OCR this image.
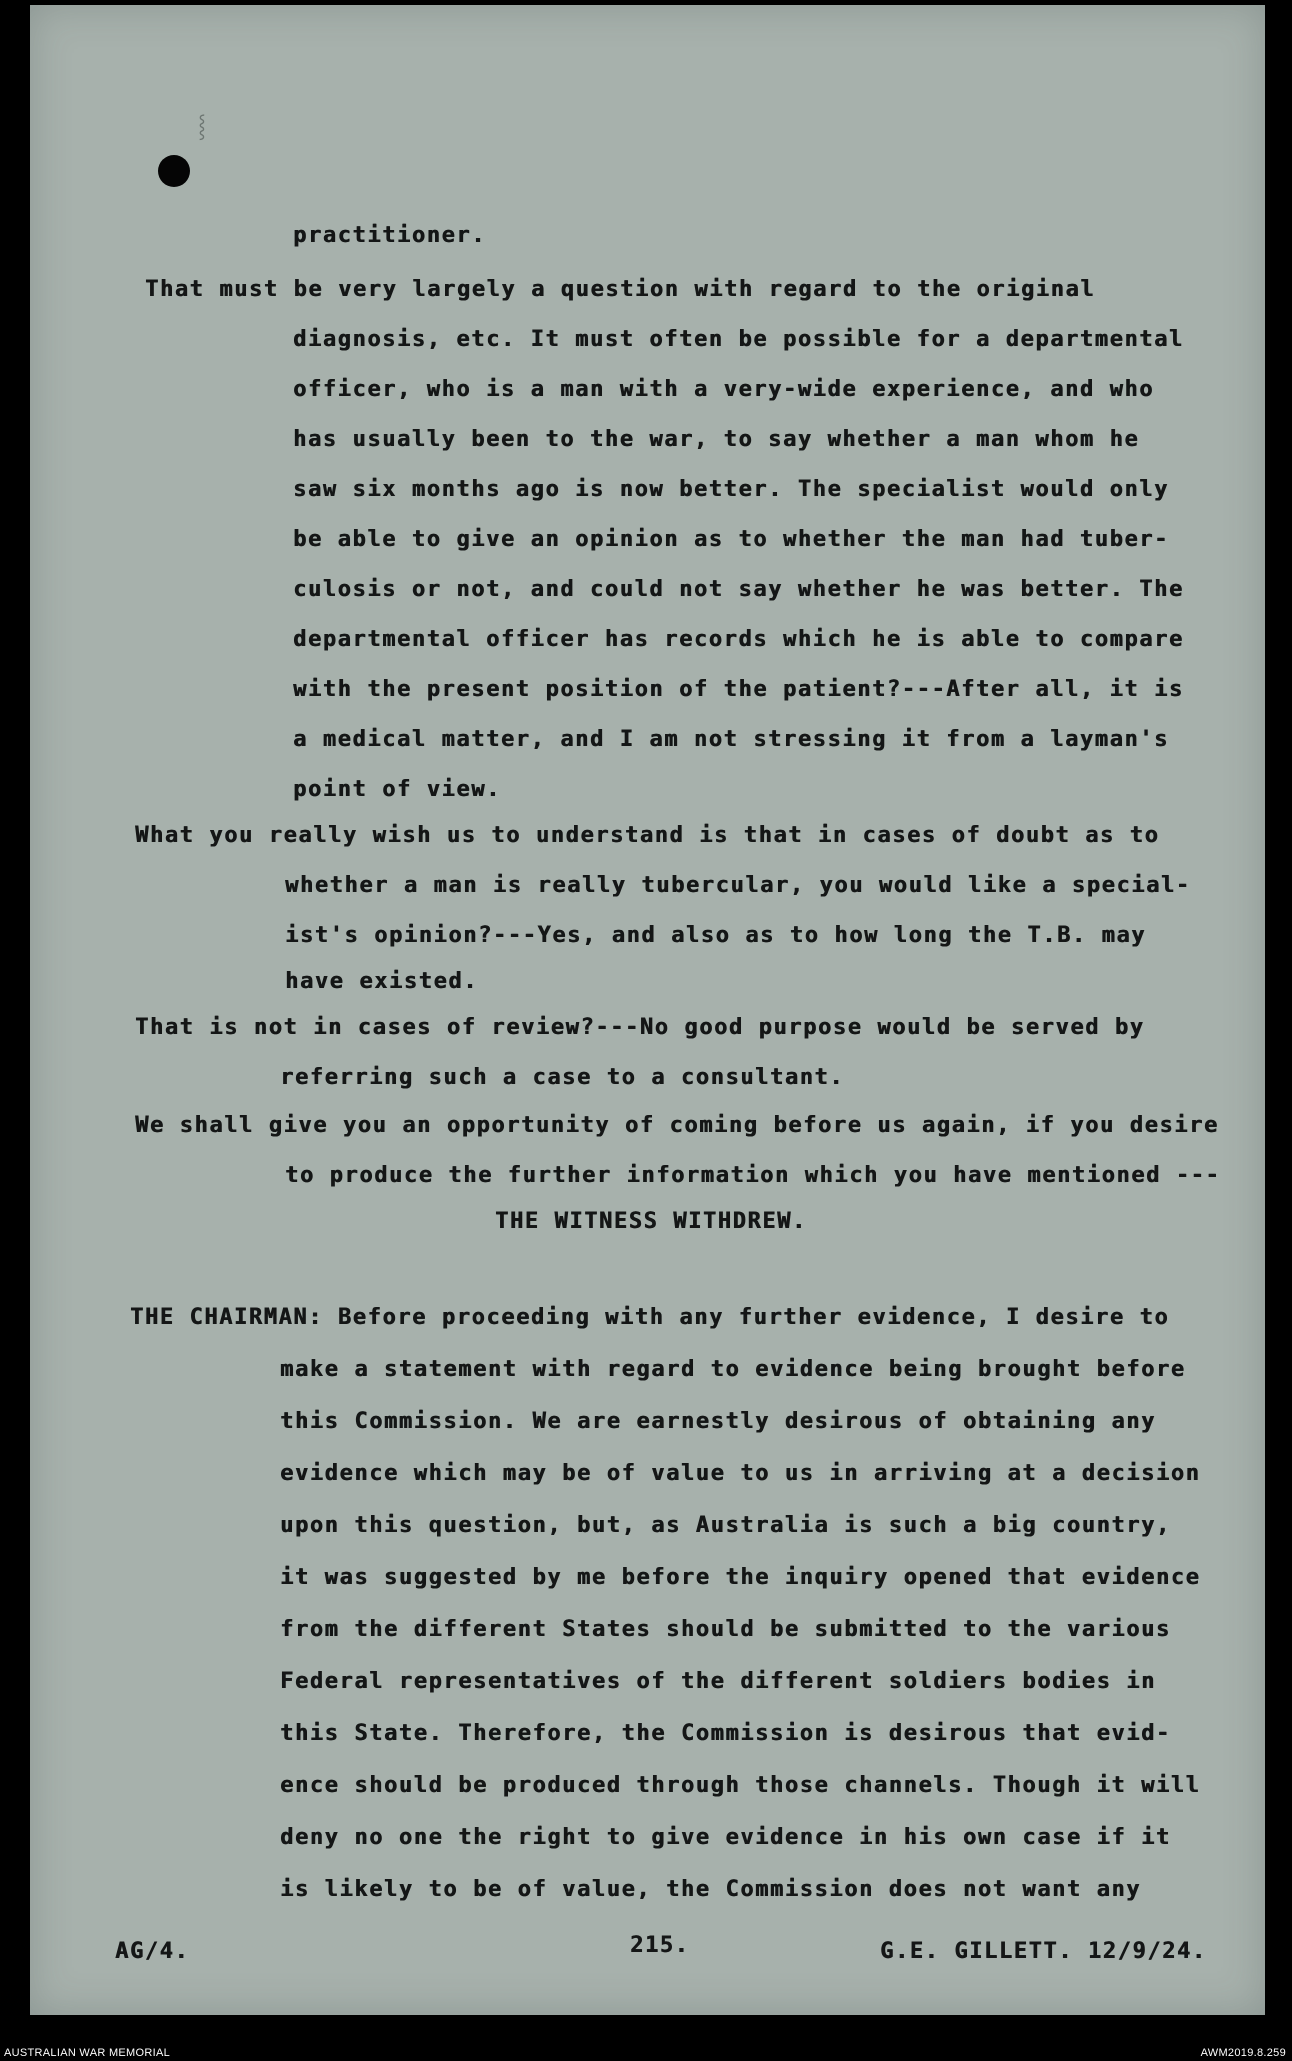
⸾
practitioner.
That must be very largely a question with regard to the original
diagnosis, etc. It must often be possible for a departmental
officer, who is a man with a very-wide experience, and who
has usually been to the war, to say whether a man whom he
saw six months ago is now better. The specialist would only
be able to give an opinion as to whether the man had tuber-
culosis or not, and could not say whether he was better. The
departmental officer has records which he is able to compare
with the present position of the patient?---After all, it is
a medical matter, and I am not stressing it from a layman's
point of view.
What you really wish us to understand is that in cases of doubt as to
whether a man is really tubercular, you would like a special-
ist's opinion?---Yes, and also as to how long the T.B. may
have existed.
That is not in cases of review?---No good purpose would be served by
referring such a case to a consultant.
We shall give you an opportunity of coming before us again, if you desire
to produce the further information which you have mentioned ---
THE WITNESS WITHDREW.
THE CHAIRMAN: Before proceeding with any further evidence, I desire to
make a statement with regard to evidence being brought before
this Commission. We are earnestly desirous of obtaining any
evidence which may be of value to us in arriving at a decision
upon this question, but, as Australia is such a big country,
it was suggested by me before the inquiry opened that evidence
from the different States should be submitted to the various
Federal representatives of the different soldiers bodies in
this State. Therefore, the Commission is desirous that evid-
ence should be produced through those channels. Though it will
deny no one the right to give evidence in his own case if it
is likely to be of value, the Commission does not want any
AG/4.	215.	G.E. GILLETT. 12/9/24.
AUSTRALIAN WAR MEMORIAL	AWM2019.8.259
